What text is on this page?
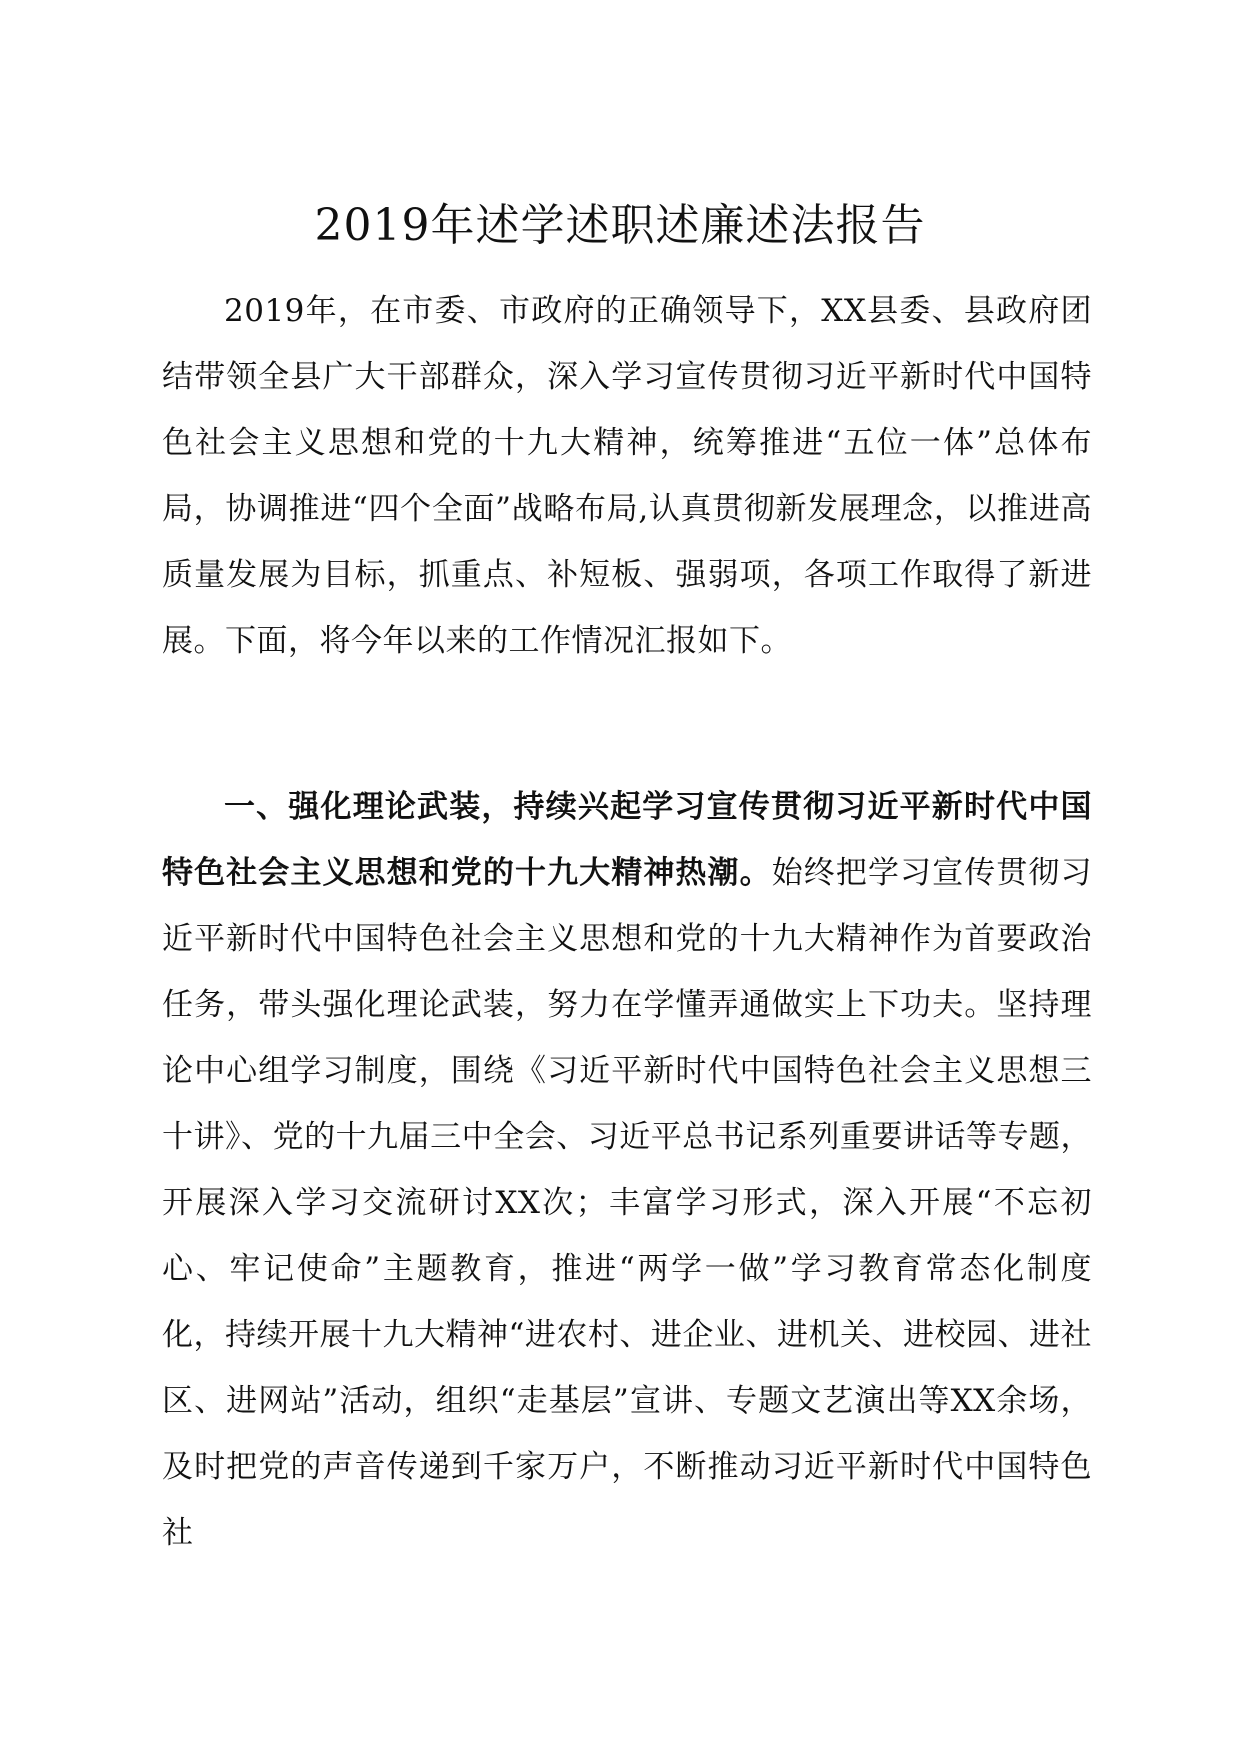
2019年述学述职述廉述法报告

2019年，在市委、市政府的正确领导下，XX县委、县政府团结带领全县广大干部群众，深入学习宣传贯彻习近平新时代中国特色社会主义思想和党的十九大精神，统筹推进“五位一体”总体布局，协调推进“四个全面”战略布局,认真贯彻新发展理念，以推进高质量发展为目标，抓重点、补短板、强弱项，各项工作取得了新进展。下面，将今年以来的工作情况汇报如下。

一、强化理论武装，持续兴起学习宣传贯彻习近平新时代中国特色社会主义思想和党的十九大精神热潮。始终把学习宣传贯彻习近平新时代中国特色社会主义思想和党的十九大精神作为首要政治任务，带头强化理论武装，努力在学懂弄通做实上下功夫。坚持理论中心组学习制度，围绕《习近平新时代中国特色社会主义思想三十讲》、党的十九届三中全会、习近平总书记系列重要讲话等专题，开展深入学习交流研讨XX次；丰富学习形式，深入开展“不忘初心、牢记使命”主题教育，推进“两学一做”学习教育常态化制度化，持续开展十九大精神“进农村、进企业、进机关、进校园、进社区、进网站”活动，组织“走基层”宣讲、专题文艺演出等XX余场，及时把党的声音传递到千家万户，不断推动习近平新时代中国特色社
